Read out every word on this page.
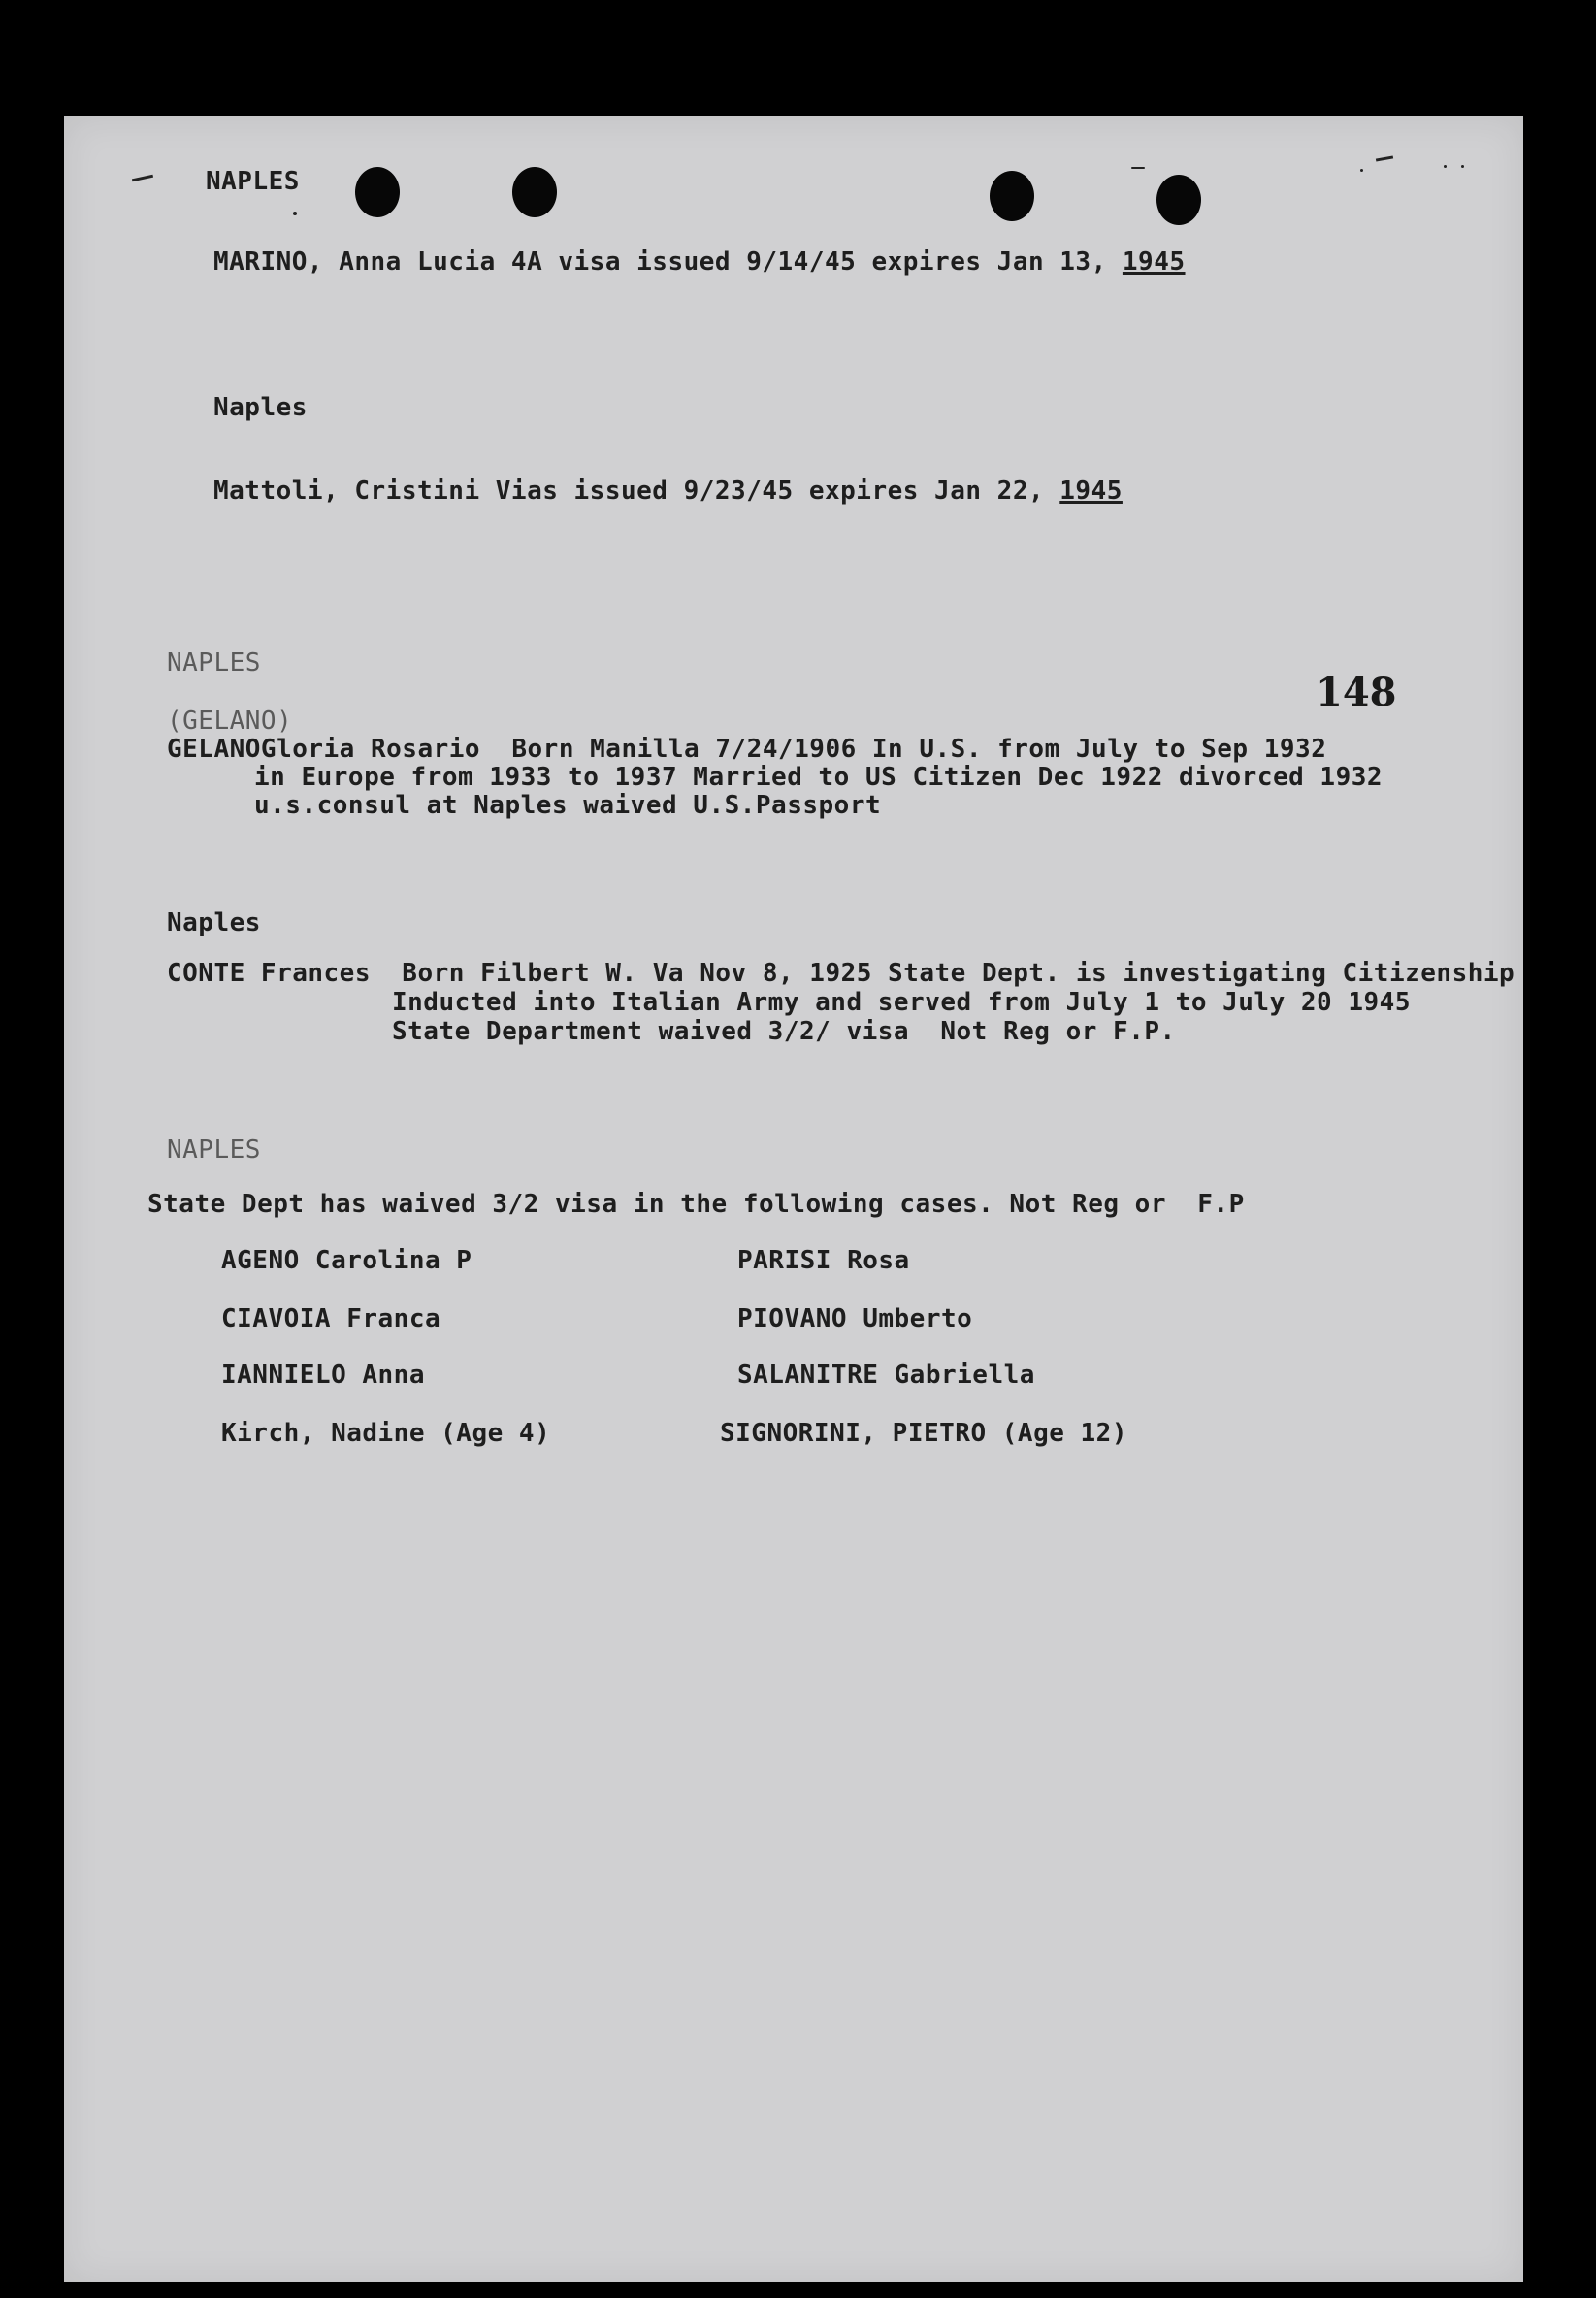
NAPLES
MARINO, Anna Lucia 4A visa issued 9/14/45 expires Jan 13, 1945
Naples
Mattoli, Cristini Vias issued 9/23/45 expires Jan 22, 1945
148
NAPLES
(GELANO)
GELANOGloria Rosario  Born Manilla 7/24/1906 In U.S. from July to Sep 1932
in Europe from 1933 to 1937 Married to US Citizen Dec 1922 divorced 1932
u.s.consul at Naples waived U.S.Passport
Naples
CONTE Frances  Born Filbert W. Va Nov 8, 1925 State Dept. is investigating Citizenship
Inducted into Italian Army and served from July 1 to July 20 1945
State Department waived 3/2/ visa  Not Reg or F.P.
NAPLES
State Dept has waived 3/2 visa in the following cases. Not Reg or  F.P
AGENO Carolina P
CIAVOIA Franca
IANNIELO Anna
Kirch, Nadine (Age 4)
PARISI Rosa
PIOVANO Umberto
SALANITRE Gabriella
SIGNORINI, PIETRO (Age 12)
